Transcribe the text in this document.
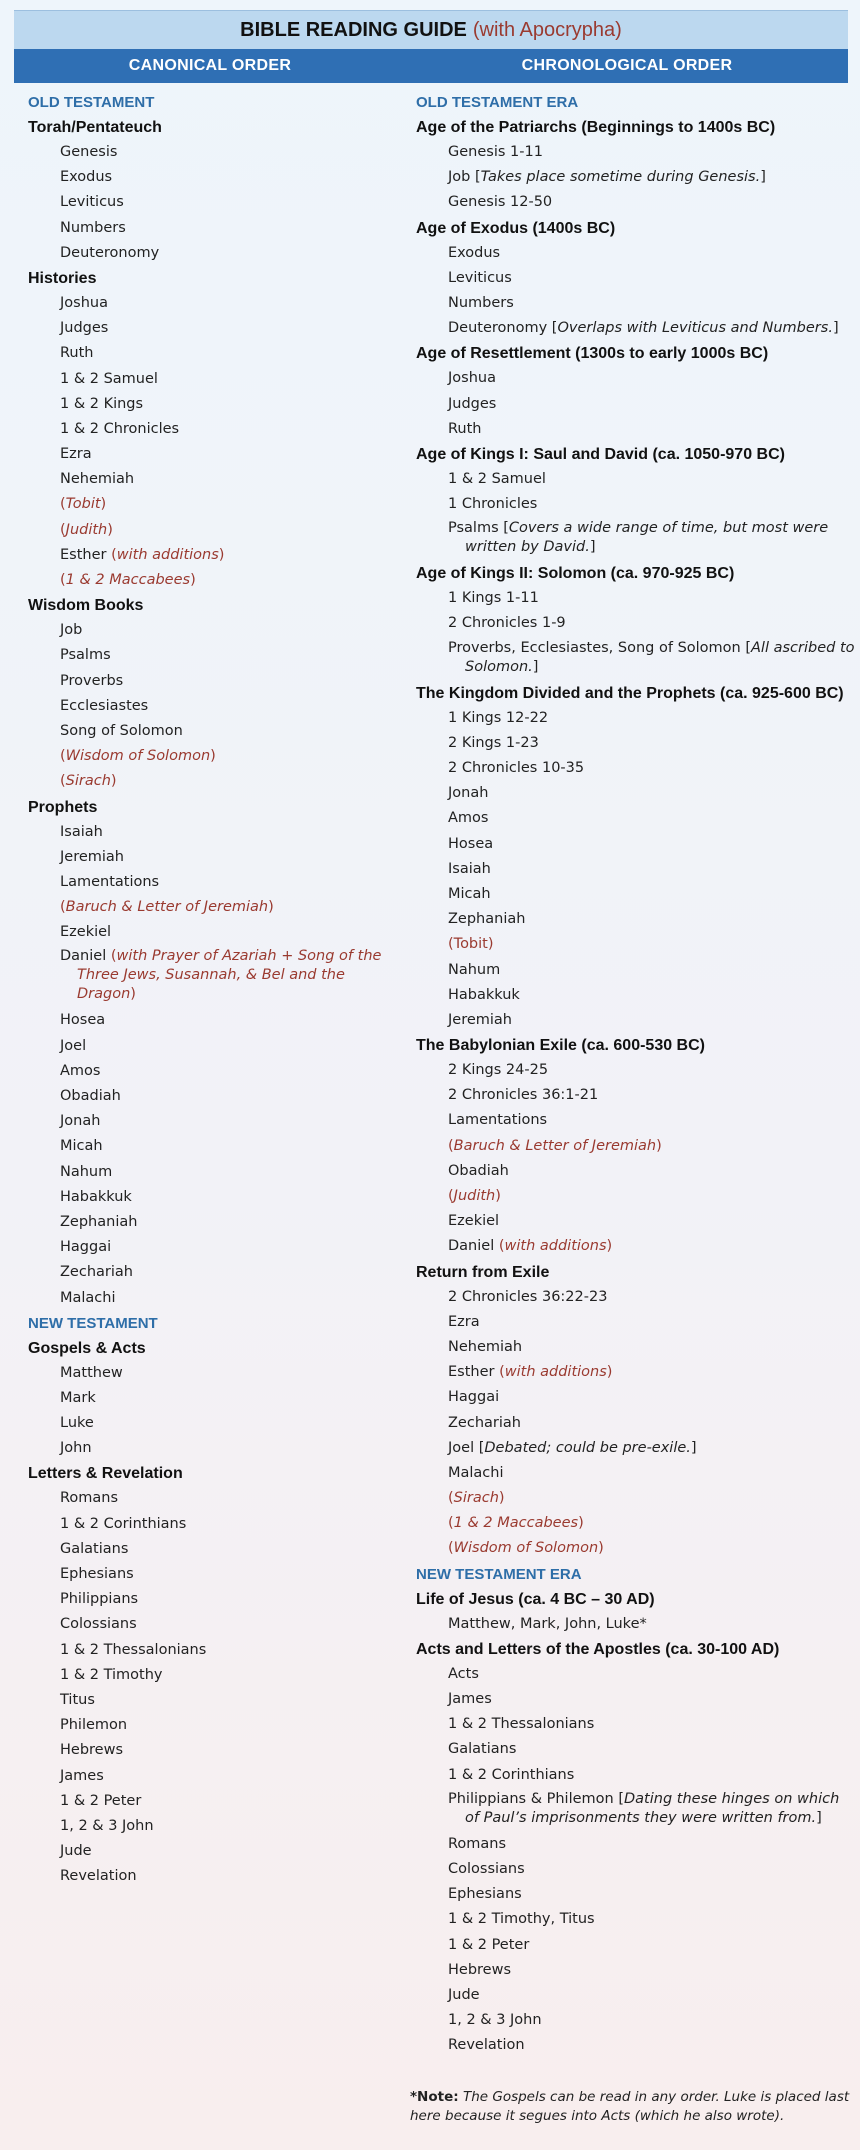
BIBLE READING GUIDE (with Apocrypha)
CANONICAL ORDER	CHRONOLOGICAL ORDER
OLD TESTAMENT
Torah/Pentateuch
Genesis
Exodus
Leviticus
Numbers
Deuteronomy
Histories
Joshua
Judges
Ruth
1 & 2 Samuel
1 & 2 Kings
1 & 2 Chronicles
Ezra
Nehemiah
(Tobit)
(Judith)
Esther (with additions)
(1 & 2 Maccabees)
Wisdom Books
Job
Psalms
Proverbs
Ecclesiastes
Song of Solomon
(Wisdom of Solomon)
(Sirach)
Prophets
Isaiah
Jeremiah
Lamentations
(Baruch & Letter of Jeremiah)
Ezekiel
Daniel (with Prayer of Azariah + Song of the Three Jews, Susannah, & Bel and the Dragon)
Hosea
Joel
Amos
Obadiah
Jonah
Micah
Nahum
Habakkuk
Zephaniah
Haggai
Zechariah
Malachi
NEW TESTAMENT
Gospels & Acts
Matthew
Mark
Luke
John
Letters & Revelation
Romans
1 & 2 Corinthians
Galatians
Ephesians
Philippians
Colossians
1 & 2 Thessalonians
1 & 2 Timothy
Titus
Philemon
Hebrews
James
1 & 2 Peter
1, 2 & 3 John
Jude
Revelation
OLD TESTAMENT ERA
Age of the Patriarchs (Beginnings to 1400s BC)
Genesis 1-11
Job [Takes place sometime during Genesis.]
Genesis 12-50
Age of Exodus (1400s BC)
Exodus
Leviticus
Numbers
Deuteronomy [Overlaps with Leviticus and Numbers.]
Age of Resettlement (1300s to early 1000s BC)
Joshua
Judges
Ruth
Age of Kings I: Saul and David (ca. 1050-970 BC)
1 & 2 Samuel
1 Chronicles
Psalms [Covers a wide range of time, but most were written by David.]
Age of Kings II: Solomon (ca. 970-925 BC)
1 Kings 1-11
2 Chronicles 1-9
Proverbs, Ecclesiastes, Song of Solomon [All ascribed to Solomon.]
The Kingdom Divided and the Prophets (ca. 925-600 BC)
1 Kings 12-22
2 Kings 1-23
2 Chronicles 10-35
Jonah
Amos
Hosea
Isaiah
Micah
Zephaniah
(Tobit)
Nahum
Habakkuk
Jeremiah
The Babylonian Exile (ca. 600-530 BC)
2 Kings 24-25
2 Chronicles 36:1-21
Lamentations
(Baruch & Letter of Jeremiah)
Obadiah
(Judith)
Ezekiel
Daniel (with additions)
Return from Exile
2 Chronicles 36:22-23
Ezra
Nehemiah
Esther (with additions)
Haggai
Zechariah
Joel [Debated; could be pre-exile.]
Malachi
(Sirach)
(1 & 2 Maccabees)
(Wisdom of Solomon)
NEW TESTAMENT ERA
Life of Jesus (ca. 4 BC – 30 AD)
Matthew, Mark, John, Luke*
Acts and Letters of the Apostles (ca. 30-100 AD)
Acts
James
1 & 2 Thessalonians
Galatians
1 & 2 Corinthians
Philippians & Philemon [Dating these hinges on which of Paul’s imprisonments they were written from.]
Romans
Colossians
Ephesians
1 & 2 Timothy, Titus
1 & 2 Peter
Hebrews
Jude
1, 2 & 3 John
Revelation
*Note: The Gospels can be read in any order. Luke is placed last here because it segues into Acts (which he also wrote).
